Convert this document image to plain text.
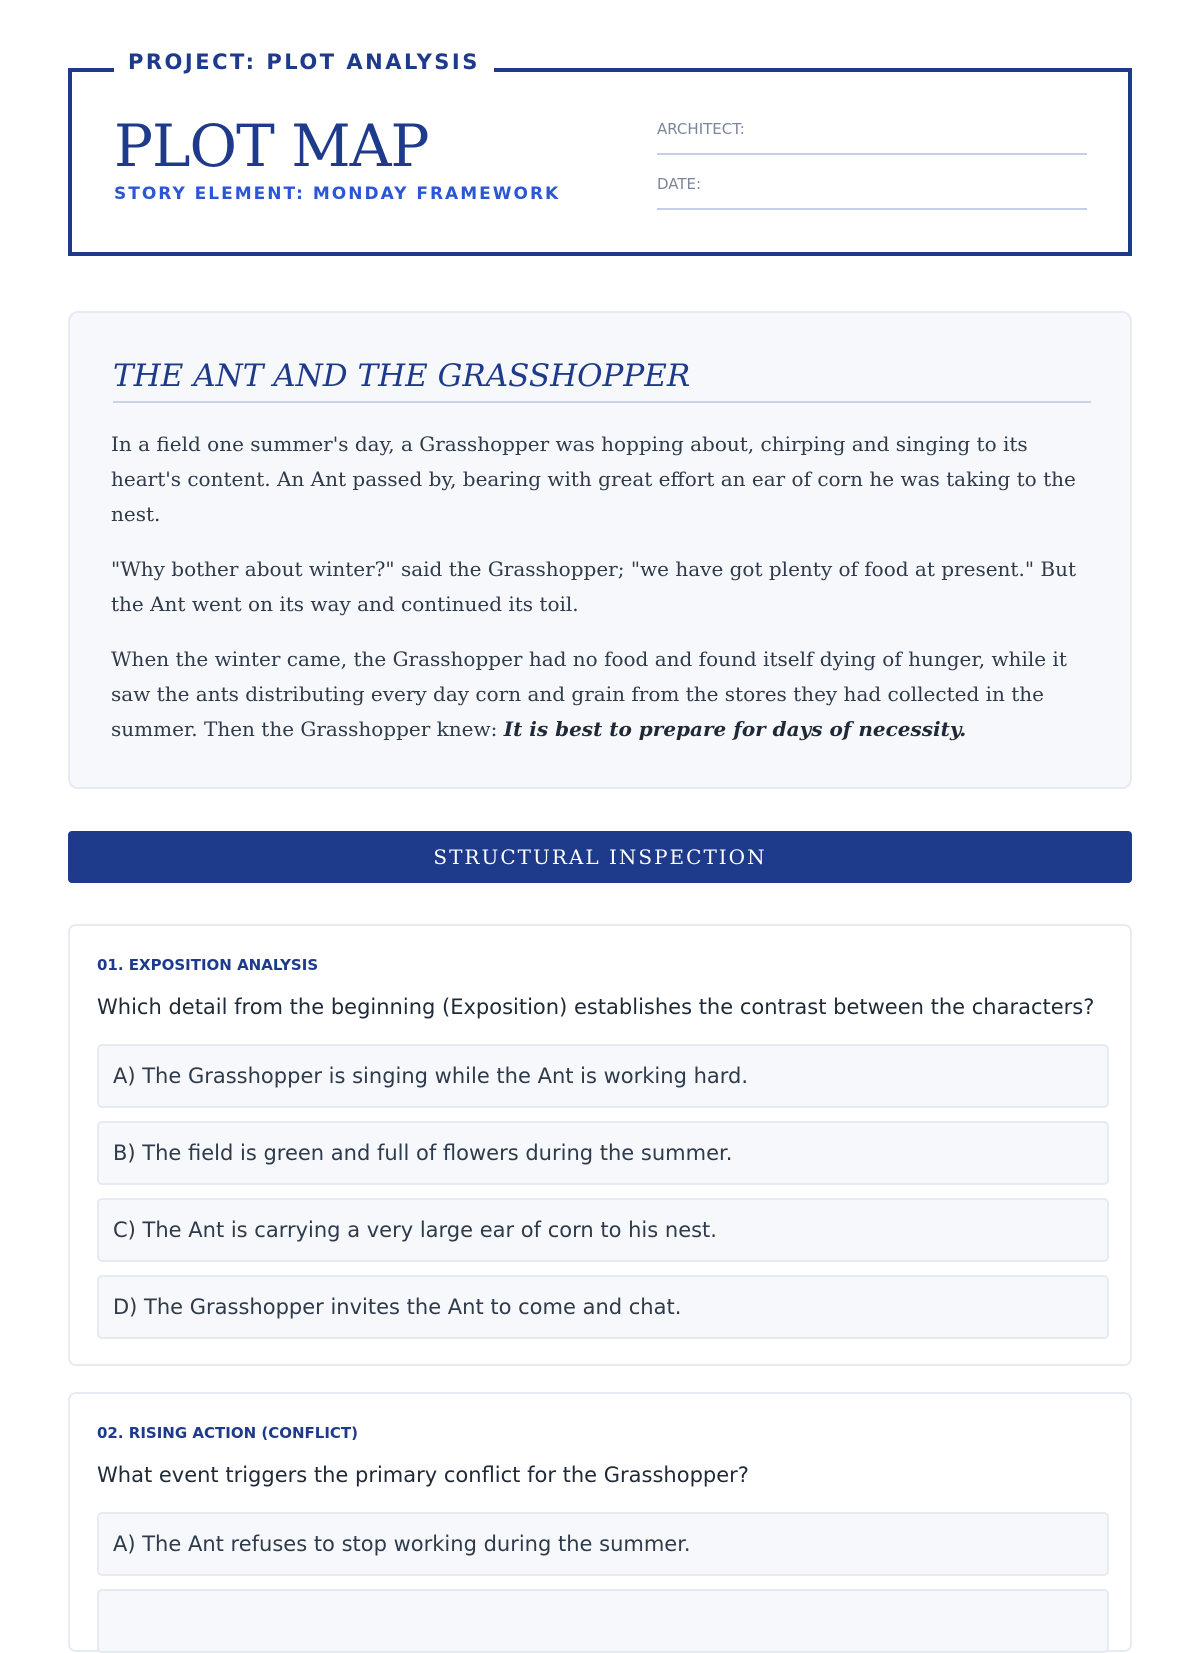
PROJECT: PLOT ANALYSIS
PLOT MAP
STORY ELEMENT: MONDAY FRAMEWORK
ARCHITECT:
DATE:
THE ANT AND THE GRASSHOPPER

In a field one summer's day, a Grasshopper was hopping about, chirping and singing to its heart's content. An Ant passed by, bearing with great effort an ear of corn he was taking to the nest.

"Why bother about winter?" said the Grasshopper; "we have got plenty of food at present." But the Ant went on its way and continued its toil.

When the winter came, the Grasshopper had no food and found itself dying of hunger, while it saw the ants distributing every day corn and grain from the stores they had collected in the summer. Then the Grasshopper knew: It is best to prepare for days of necessity.

STRUCTURAL INSPECTION
01. EXPOSITION ANALYSIS
Which detail from the beginning (Exposition) establishes the contrast between the characters?
A) The Grasshopper is singing while the Ant is working hard.
B) The field is green and full of flowers during the summer.
C) The Ant is carrying a very large ear of corn to his nest.
D) The Grasshopper invites the Ant to come and chat.
02. RISING ACTION (CONFLICT)
What event triggers the primary conflict for the Grasshopper?
A) The Ant refuses to stop working during the summer.
